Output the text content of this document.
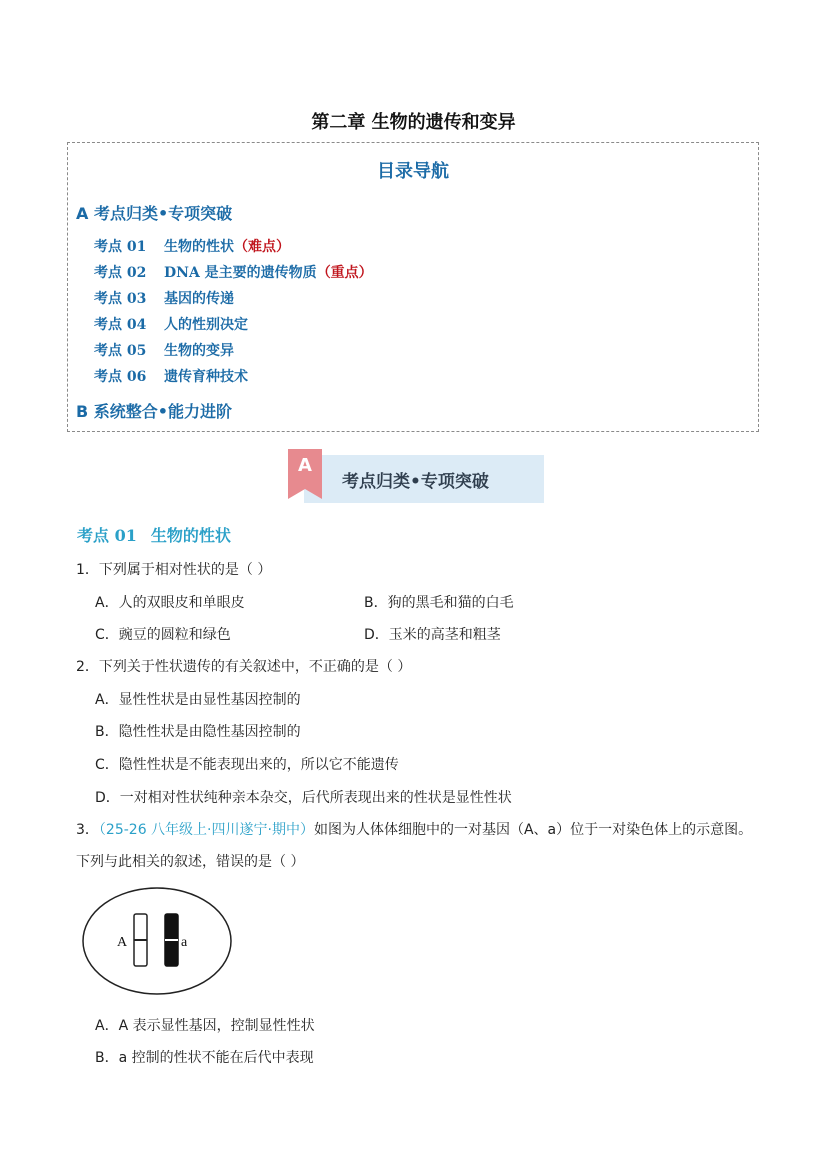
第二章 生物的遗传和变异
目录导航
A 考点归类•专项突破
考点 01 生物的性状（难点）
考点 02 DNA 是主要的遗传物质（重点）
考点 03 基因的传递
考点 04 人的性别决定
考点 05 生物的变异
考点 06 遗传育种技术
B 系统整合•能力进阶
A
考点归类•专项突破
考点 01 生物的性状
1．下列属于相对性状的是（ ）
A．人的双眼皮和单眼皮	B．狗的黑毛和猫的白毛
C．豌豆的圆粒和绿色	D．玉米的高茎和粗茎
2．下列关于性状遗传的有关叙述中，不正确的是（ ）
A．显性性状是由显性基因控制的
B．隐性性状是由隐性基因控制的
C．隐性性状是不能表现出来的，所以它不能遗传
D．一对相对性状纯种亲本杂交，后代所表现出来的性状是显性性状
3．（25-26 八年级上·四川遂宁·期中）如图为人体体细胞中的一对基因（A、a）位于一对染色体上的示意图。
下列与此相关的叙述，错误的是（ ）
A	a
A．A 表示显性基因，控制显性性状
B．a 控制的性状不能在后代中表现
